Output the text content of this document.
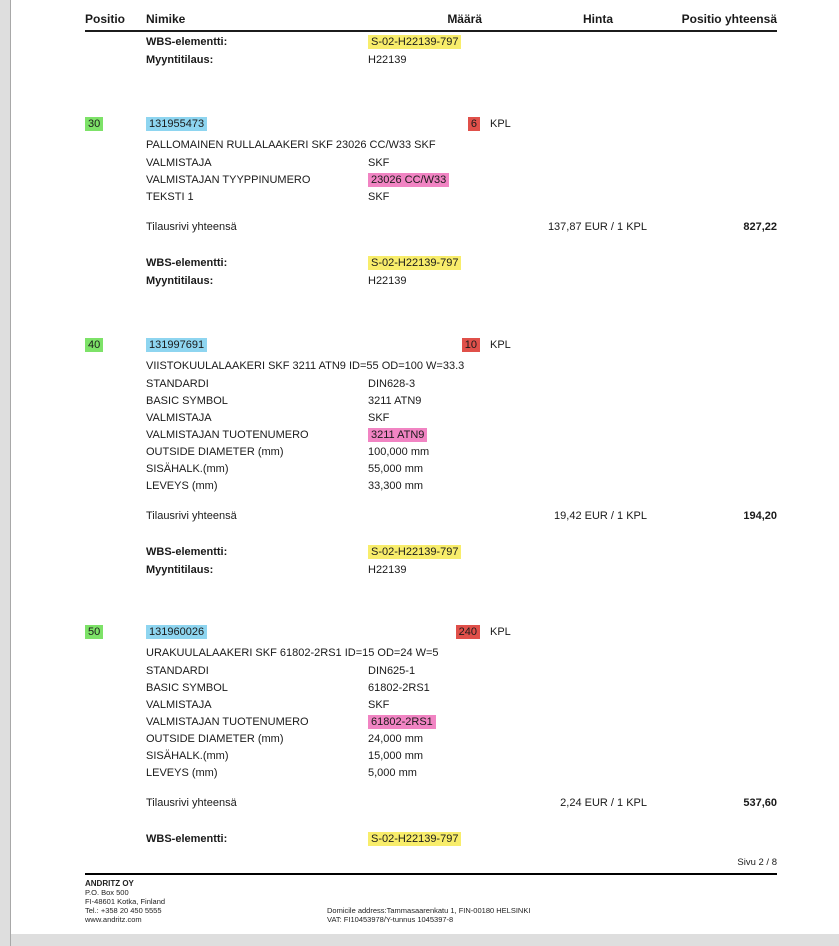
Positio	Nimike	Määrä	Hinta	Positio yhteensä
WBS-elementti:	S-02-H22139-797
Myyntitilaus:	H22139
30	131955473	6 KPL
PALLOMAINEN RULLALAAKERI SKF 23026 CC/W33 SKF
VALMISTAJA	SKF
VALMISTAJAN TYYPPINUMERO	23026 CC/W33
TEKSTI 1	SKF
Tilausrivi yhteensä	137,87 EUR / 1 KPL	827,22
WBS-elementti:	S-02-H22139-797
Myyntitilaus:	H22139
40	131997691	10 KPL
VIISTOKUULALAAKERI SKF 3211 ATN9 ID=55 OD=100 W=33.3
STANDARDI	DIN628-3
BASIC SYMBOL	3211 ATN9
VALMISTAJA	SKF
VALMISTAJAN TUOTENUMERO	3211 ATN9
OUTSIDE DIAMETER (mm)	100,000 mm
SISÄHALK.(mm)	55,000 mm
LEVEYS (mm)	33,300 mm
Tilausrivi yhteensä	19,42 EUR / 1 KPL	194,20
WBS-elementti:	S-02-H22139-797
Myyntitilaus:	H22139
50	131960026	240 KPL
URAKUULALAAKERI SKF 61802-2RS1 ID=15 OD=24 W=5
STANDARDI	DIN625-1
BASIC SYMBOL	61802-2RS1
VALMISTAJA	SKF
VALMISTAJAN TUOTENUMERO	61802-2RS1
OUTSIDE DIAMETER (mm)	24,000 mm
SISÄHALK.(mm)	15,000 mm
LEVEYS (mm)	5,000 mm
Tilausrivi yhteensä	2,24 EUR / 1 KPL	537,60
WBS-elementti:	S-02-H22139-797
Sivu 2 / 8
ANDRITZ OY
P.O. Box 500
FI-48601 Kotka, Finland
Tel.: +358 20 450 5555
www.andritz.com
Domicile address:Tammasaarenkatu 1, FIN-00180 HELSINKI
VAT: FI10453978/Y-tunnus 1045397-8
